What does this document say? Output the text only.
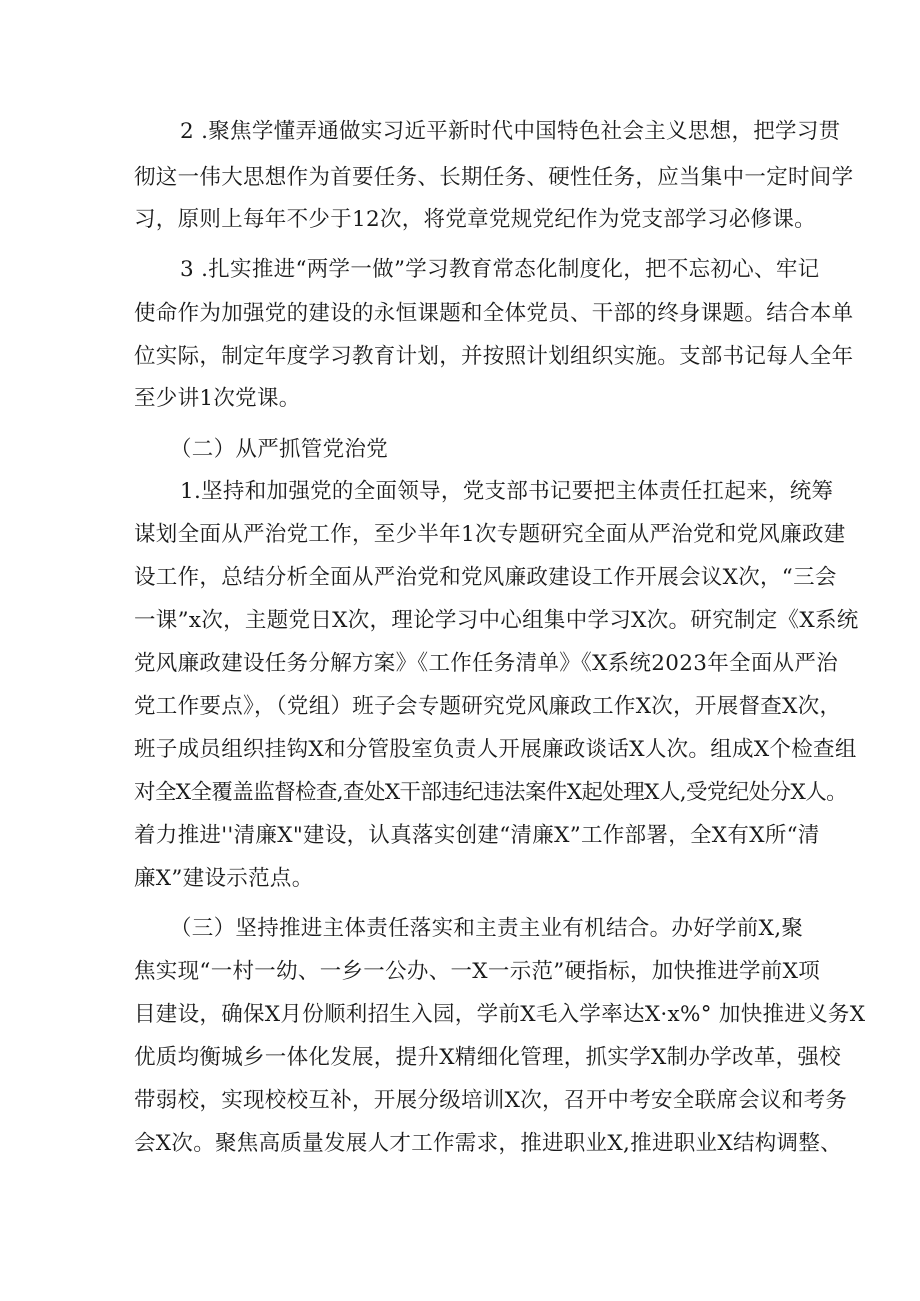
2 .聚焦学懂弄通做实习近平新时代中国特色社会主义思想，把学习贯
彻这一伟大思想作为首要任务、长期任务、硬性任务，应当集中一定时间学
习，原则上每年不少于12次，将党章党规党纪作为党支部学习必修课。
3 .扎实推进“两学一做”学习教育常态化制度化，把不忘初心、牢记
使命作为加强党的建设的永恒课题和全体党员、干部的终身课题。结合本单
位实际，制定年度学习教育计划，并按照计划组织实施。支部书记每人全年
至少讲1次党课。
（二）从严抓管党治党
1.坚持和加强党的全面领导，党支部书记要把主体责任扛起来，统筹
谋划全面从严治党工作，至少半年1次专题研究全面从严治党和党风廉政建
设工作，总结分析全面从严治党和党风廉政建设工作开展会议X次，“三会
一课”x次，主题党日X次，理论学习中心组集中学习X次。研究制定《X系统
党风廉政建设任务分解方案》《工作任务清单》《X系统2023年全面从严治
党工作要点》，（党组）班子会专题研究党风廉政工作X次，开展督查X次，
班子成员组织挂钩X和分管股室负责人开展廉政谈话X人次。组成X个检查组
对全X全覆盖监督检查,查处X干部违纪违法案件X起处理X人,受党纪处分X人。
着力推进''清廉X"建设，认真落实创建“清廉X”工作部署，全X有X所“清
廉X”建设示范点。
（三）坚持推进主体责任落实和主责主业有机结合。办好学前X,聚
焦实现“一村一幼、一乡一公办、一X一示范”硬指标，加快推进学前X项
目建设，确保X月份顺利招生入园，学前X毛入学率达X·x%° 加快推进义务X
优质均衡城乡一体化发展，提升X精细化管理，抓实学X制办学改革，强校
带弱校，实现校校互补，开展分级培训X次，召开中考安全联席会议和考务
会X次。聚焦高质量发展人才工作需求，推进职业X,推进职业X结构调整、
